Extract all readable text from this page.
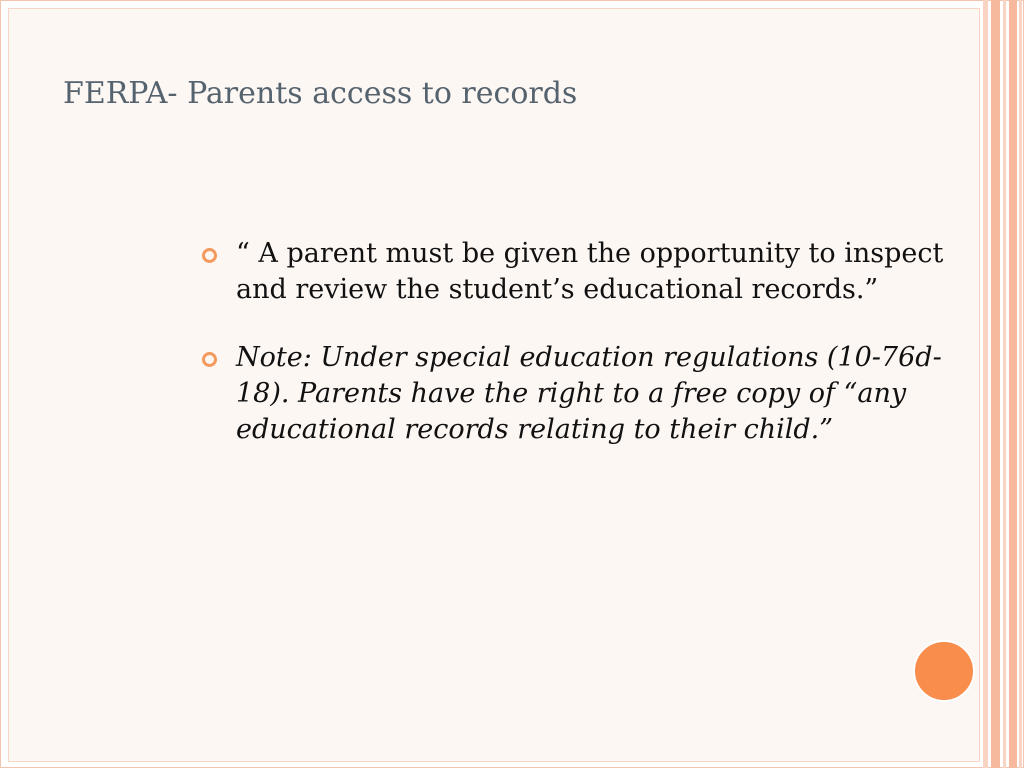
FERPA- Parents access to records
“ A parent must be given the opportunity to inspect and review the student’s educational records.”
Note: Under special education regulations (10-76d-18). Parents have the right to a free copy of “any educational records relating to their child.”
